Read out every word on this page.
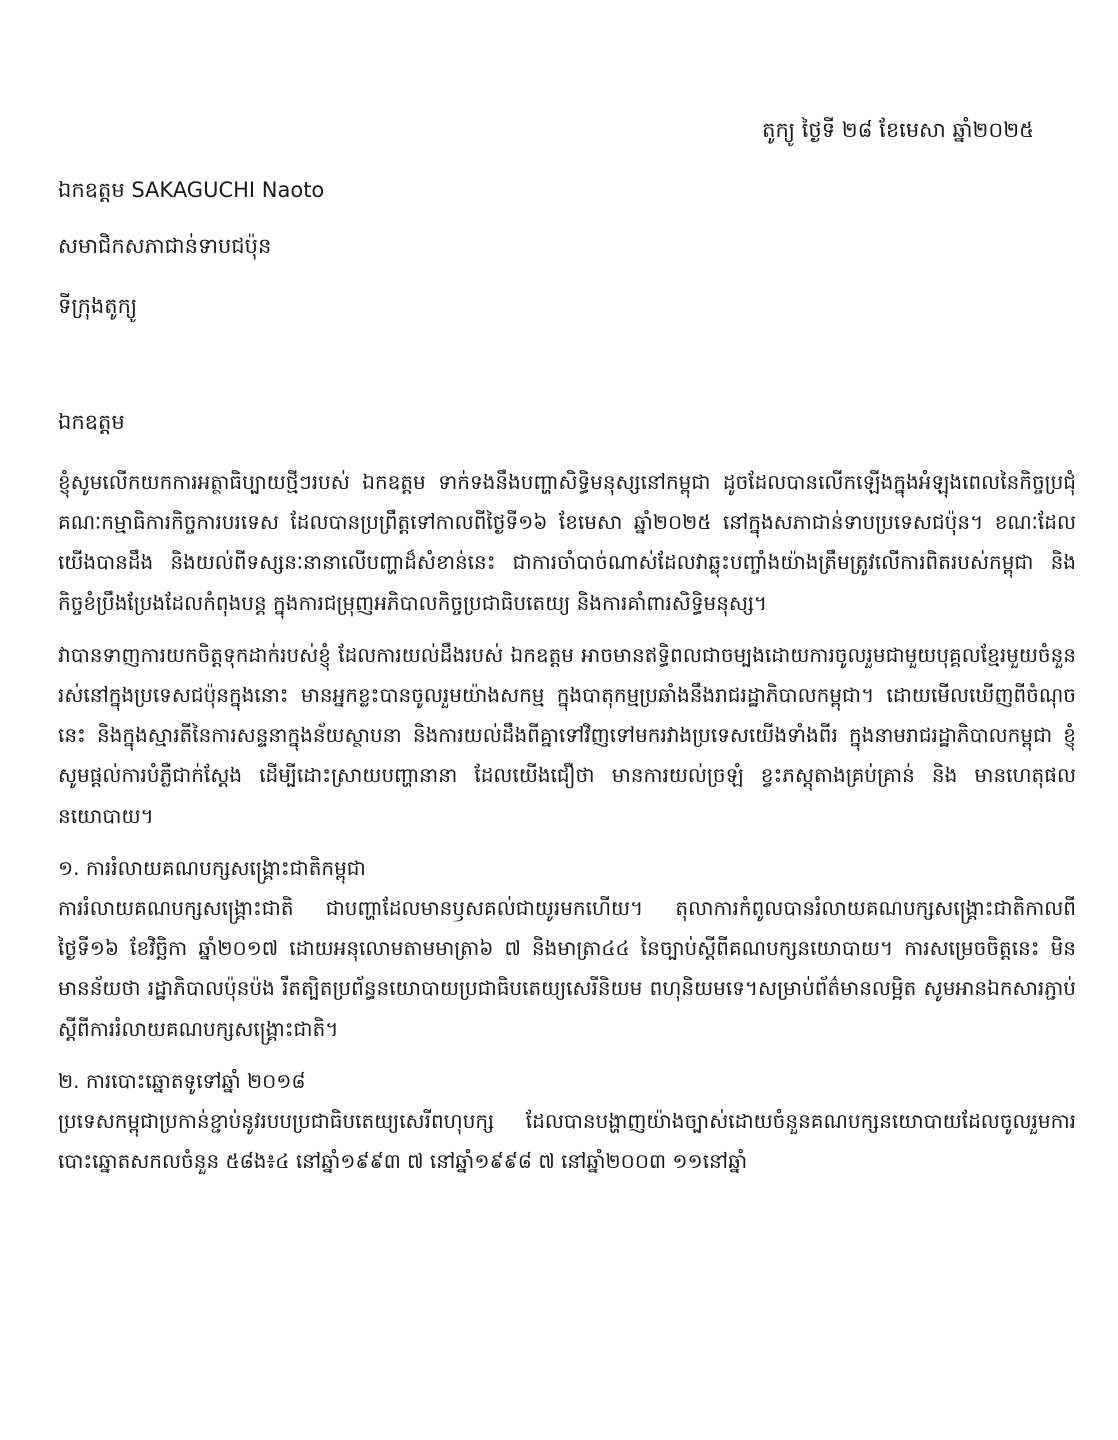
តូក្យូ ថ្ងៃទី ២៨ ខែមេសា ឆ្នាំ២០២៥
ឯកឧត្តម SAKAGUCHI Naoto
សមាជិកសភាជាន់ទាបជប៉ុន
ទីក្រុងតូក្យូ
ឯកឧត្តម

ខ្ញុំសូមលើកយកការអត្ថាធិប្បាយថ្មីៗរបស់ ឯកឧត្តម ទាក់ទងនឹងបញ្ហាសិទ្ធិមនុស្សនៅកម្ពុជា ដូចដែលបានលើកឡើងក្នុងអំឡុងពេលនៃកិច្ចប្រជុំគណៈកម្មាធិការកិច្ចការបរទេស ដែលបានប្រព្រឹត្តទៅកាលពីថ្ងៃទី១៦ ខែមេសា ឆ្នាំ២០២៥ នៅក្នុងសភាជាន់ទាបប្រទេសជប៉ុន។ ខណៈដែលយើងបានដឹង និងយល់ពីទស្សនៈនានាលើបញ្ហាដ៏សំខាន់នេះ ជាការចាំបាច់ណាស់ដែលវាឆ្លុះបញ្ចាំងយ៉ាងត្រឹមត្រូវលើការពិតរបស់កម្ពុជា និងកិច្ចខំប្រឹងប្រែងដែលកំពុងបន្ត ក្នុងការជម្រុញអភិបាលកិច្ចប្រជាធិបតេយ្យ និងការគាំពារសិទ្ធិមនុស្ស។

វាបានទាញការយកចិត្តទុកដាក់របស់ខ្ញុំ ដែលការយល់ដឹងរបស់ ឯកឧត្តម អាចមានឥទ្ធិពលជាចម្បងដោយការចូលរួមជាមួយបុគ្គលខ្មែរមួយចំនួនរស់នៅក្នុងប្រទេសជប៉ុនក្នុងនោះ មានអ្នកខ្លះបានចូលរួមយ៉ាងសកម្ម ក្នុងបាតុកម្មប្រឆាំងនឹងរាជរដ្ឋាភិបាលកម្ពុជា។ ដោយមើលឃើញពីចំណុចនេះ និងក្នុងស្មារតីនៃការសន្ទនាក្នុងន័យស្ថាបនា និងការយល់ដឹងពីគ្នាទៅវិញទៅមករវាងប្រទេសយើងទាំងពីរ ក្នុងនាមរាជរដ្ឋាភិបាលកម្ពុជា ខ្ញុំសូមផ្តល់ការបំភ្លឺជាក់ស្តែង ដើម្បីដោះស្រាយបញ្ហានានា ដែលយើងជឿថា មានការយល់ច្រឡំ ខ្វះភស្តុតាងគ្រប់គ្រាន់ និង មានហេតុផលនយោបាយ។

១. ការរំលាយគណបក្សសង្គ្រោះជាតិកម្ពុជា

ការរំលាយគណបក្សសង្គ្រោះជាតិ ជាបញ្ហាដែលមានឫសគល់ជាយូរមកហើយ។ តុលាការកំពូលបានរំលាយគណបក្សសង្គ្រោះជាតិកាលពីថ្ងៃទី១៦ ខែវិច្ឆិកា ឆ្នាំ២០១៧ ដោយអនុលោមតាមមាត្រា៦ ៧ និងមាត្រា៤៤ នៃច្បាប់ស្តីពីគណបក្សនយោបាយ។ ការសម្រេចចិត្តនេះ មិនមានន័យថា រដ្ឋាភិបាលប៉ុនប៉ង រឹតត្បិតប្រព័ន្ធនយោបាយប្រជាធិបតេយ្យសេរីនិយម ពហុនិយមទេ។សម្រាប់ព័ត៌មានលម្អិត សូមអានឯកសារភ្ជាប់ស្តីពីការរំលាយគណបក្សសង្គ្រោះជាតិ។

២. ការបោះឆ្នោតទូទៅឆ្នាំ ២០១៨

ប្រទេសកម្ពុជាប្រកាន់ខ្ជាប់នូវរបបប្រជាធិបតេយ្យសេរីពហុបក្ស ដែលបានបង្ហាញយ៉ាងច្បាស់ដោយចំនួនគណបក្សនយោបាយដែលចូលរួមការបោះឆ្នោតសកលចំនួន ៥៨ង៖៤ នៅឆ្នាំ១៩៩៣ ៧ នៅឆ្នាំ១៩៩៨ ៧ នៅឆ្នាំ២០០៣ ១១នៅឆ្នាំ
